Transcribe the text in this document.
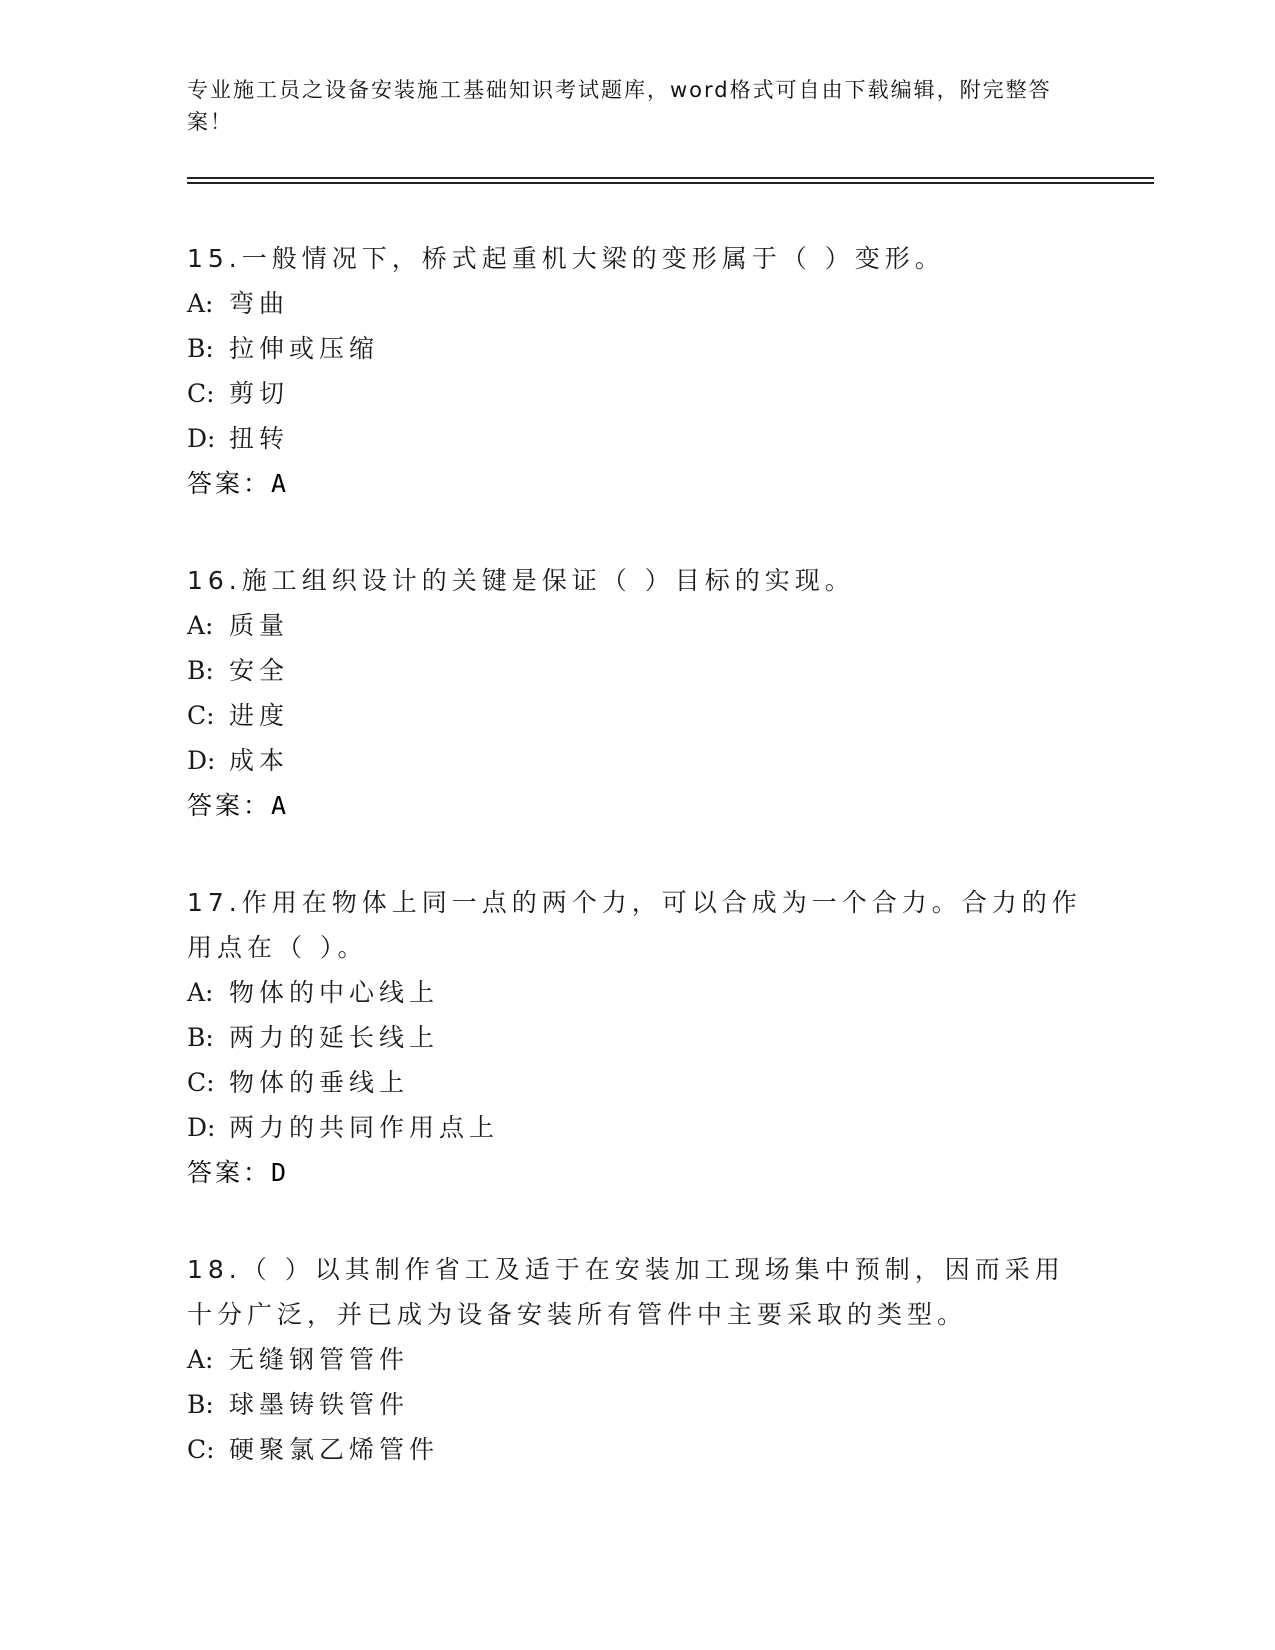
专业施工员之设备安装施工基础知识考试题库，word格式可自由下载编辑，附完整答案！

15.一般情况下，桥式起重机大梁的变形属于（ ）变形。

A: 弯曲

B: 拉伸或压缩

C: 剪切

D: 扭转

答案：A

16.施工组织设计的关键是保证（ ）目标的实现。

A: 质量

B: 安全

C: 进度

D: 成本

答案：A

17.作用在物体上同一点的两个力，可以合成为一个合力。合力的作用点在（ ）。

A: 物体的中心线上

B: 两力的延长线上

C: 物体的垂线上

D: 两力的共同作用点上

答案：D

18.（ ）以其制作省工及适于在安装加工现场集中预制，因而采用十分广泛，并已成为设备安装所有管件中主要采取的类型。

A: 无缝钢管管件

B: 球墨铸铁管件

C: 硬聚氯乙烯管件
